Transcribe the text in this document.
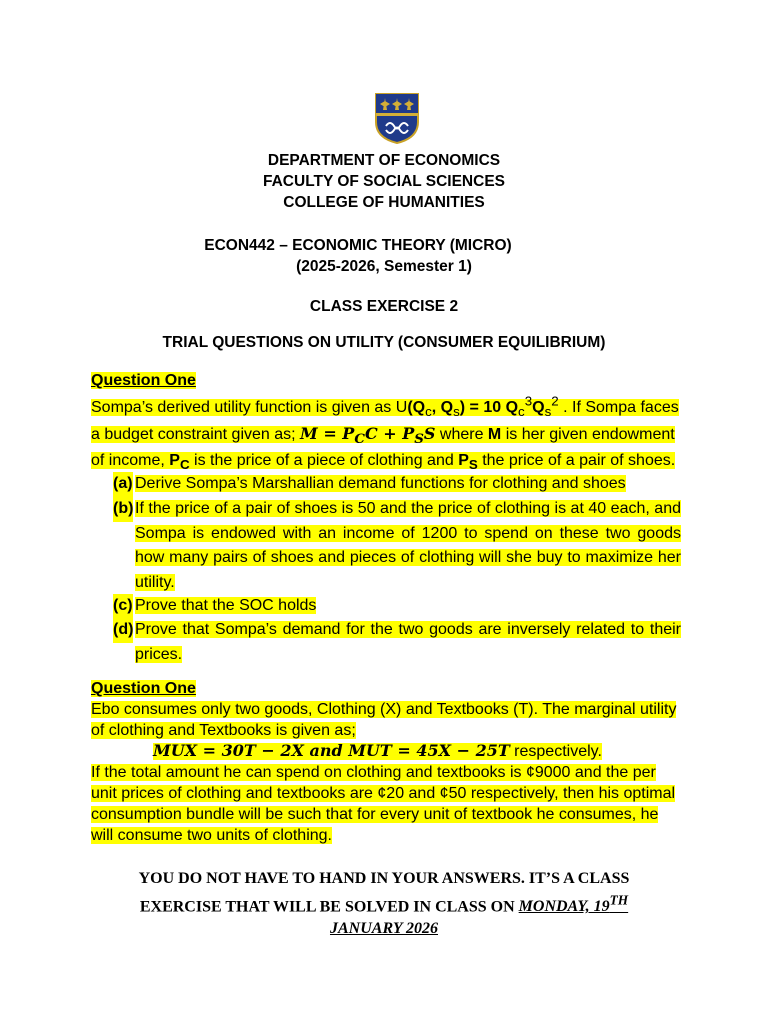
DEPARTMENT OF ECONOMICS
FACULTY OF SOCIAL SCIENCES
COLLEGE OF HUMANITIES
ECON442 – ECONOMIC THEORY (MICRO)
(2025-2026, Semester 1)
CLASS EXERCISE 2
TRIAL QUESTIONS ON UTILITY (CONSUMER EQUILIBRIUM)
Question One
Sompa’s derived utility function is given as $U(Q_c$, $Q_s) = 10$ $Q_c^3Q_s^2$ . If Sompa faces a budget constraint given as; $M = P_CC + P_SS$ where M is her given endowment of income, $P_C$ is the price of a piece of clothing and $P_S$ the price of a pair of shoes.
(a) Derive Sompa’s Marshallian demand functions for clothing and shoes
(b) If the price of a pair of shoes is 50 and the price of clothing is at 40 each, and Sompa is endowed with an income of 1200 to spend on these two goods how many pairs of shoes and pieces of clothing will she buy to maximize her utility.
(c) Prove that the SOC holds
(d) Prove that Sompa’s demand for the two goods are inversely related to their prices.
Question One
Ebo consumes only two goods, Clothing (X) and Textbooks (T). The marginal utility of clothing and Textbooks is given as;
MUX = 30T − 2X and MUT = 45X − 25T respectively.
If the total amount he can spend on clothing and textbooks is ¢9000 and the per unit prices of clothing and textbooks are ¢20 and ¢50 respectively, then his optimal consumption bundle will be such that for every unit of textbook he consumes, he will consume two units of clothing.
YOU DO NOT HAVE TO HAND IN YOUR ANSWERS. IT’S A CLASS
EXERCISE THAT WILL BE SOLVED IN CLASS ON MONDAY, 19TH
JANUARY 2026
